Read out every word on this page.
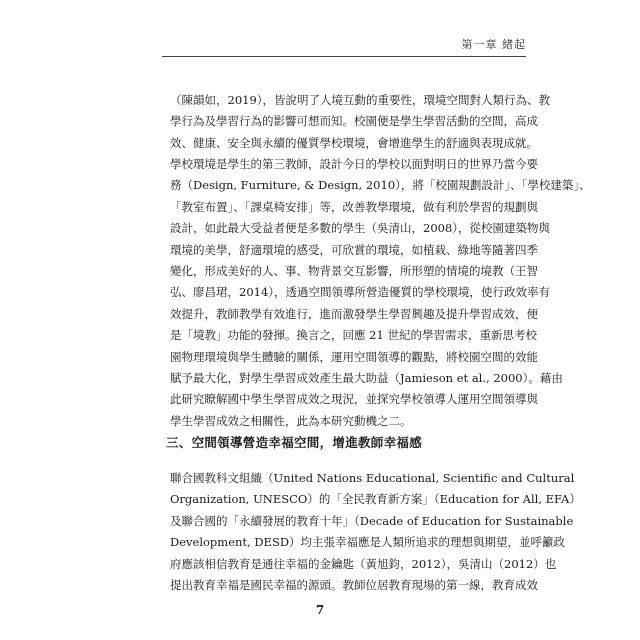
第一章 緒起
（陳韻如，2019），皆說明了人境互動的重要性，環境空間對人類行為、教
學行為及學習行為的影響可想而知。校園便是學生學習活動的空間，高成
效、健康、安全與永續的優質學校環境，會增進學生的舒適與表現成就。
學校環境是學生的第三教師，設計今日的學校以面對明日的世界乃當今要
務（Design, Furniture, & Design, 2010），將「校園規劃設計」、「學校建築」、
「教室布置」、「課桌椅安排」等，改善教學環境，做有利於學習的規劃與
設計，如此最大受益者便是多數的學生（吳清山，2008），從校園建築物與
環境的美學，舒適環境的感受，可欣賞的環境，如植栽、綠地等隨著四季
變化，形成美好的人、事、物背景交互影響，所形塑的情境的境教（王智
弘、廖昌珺，2014），透過空間領導所營造優質的學校環境，使行政效率有
效提升，教師教學有效進行，進而激發學生學習興趣及提升學習成效，便
是「境教」功能的發揮。換言之，回應 21 世紀的學習需求，重新思考校
園物理環境與學生體驗的關係，運用空間領導的觀點，將校園空間的效能
賦予最大化，對學生學習成效產生最大助益（Jamieson et al., 2000）。藉由
此研究瞭解國中學生學習成效之現況，並探究學校領導人運用空間領導與
學生學習成效之相關性，此為本研究動機之二。
三、空間領導營造幸福空間，增進教師幸福感
聯合國教科文組織（United Nations Educational, Scientific and Cultural
Organization, UNESCO）的「全民教育新方案」（Education for All, EFA）
及聯合國的「永續發展的教育十年」（Decade of Education for Sustainable
Development, DESD）均主張幸福應是人類所追求的理想與期望，並呼籲政
府應該相信教育是通往幸福的金鑰匙（黃旭鈞，2012），吳清山（2012）也
提出教育幸福是國民幸福的源頭。教師位居教育現場的第一線，教育成效
7
